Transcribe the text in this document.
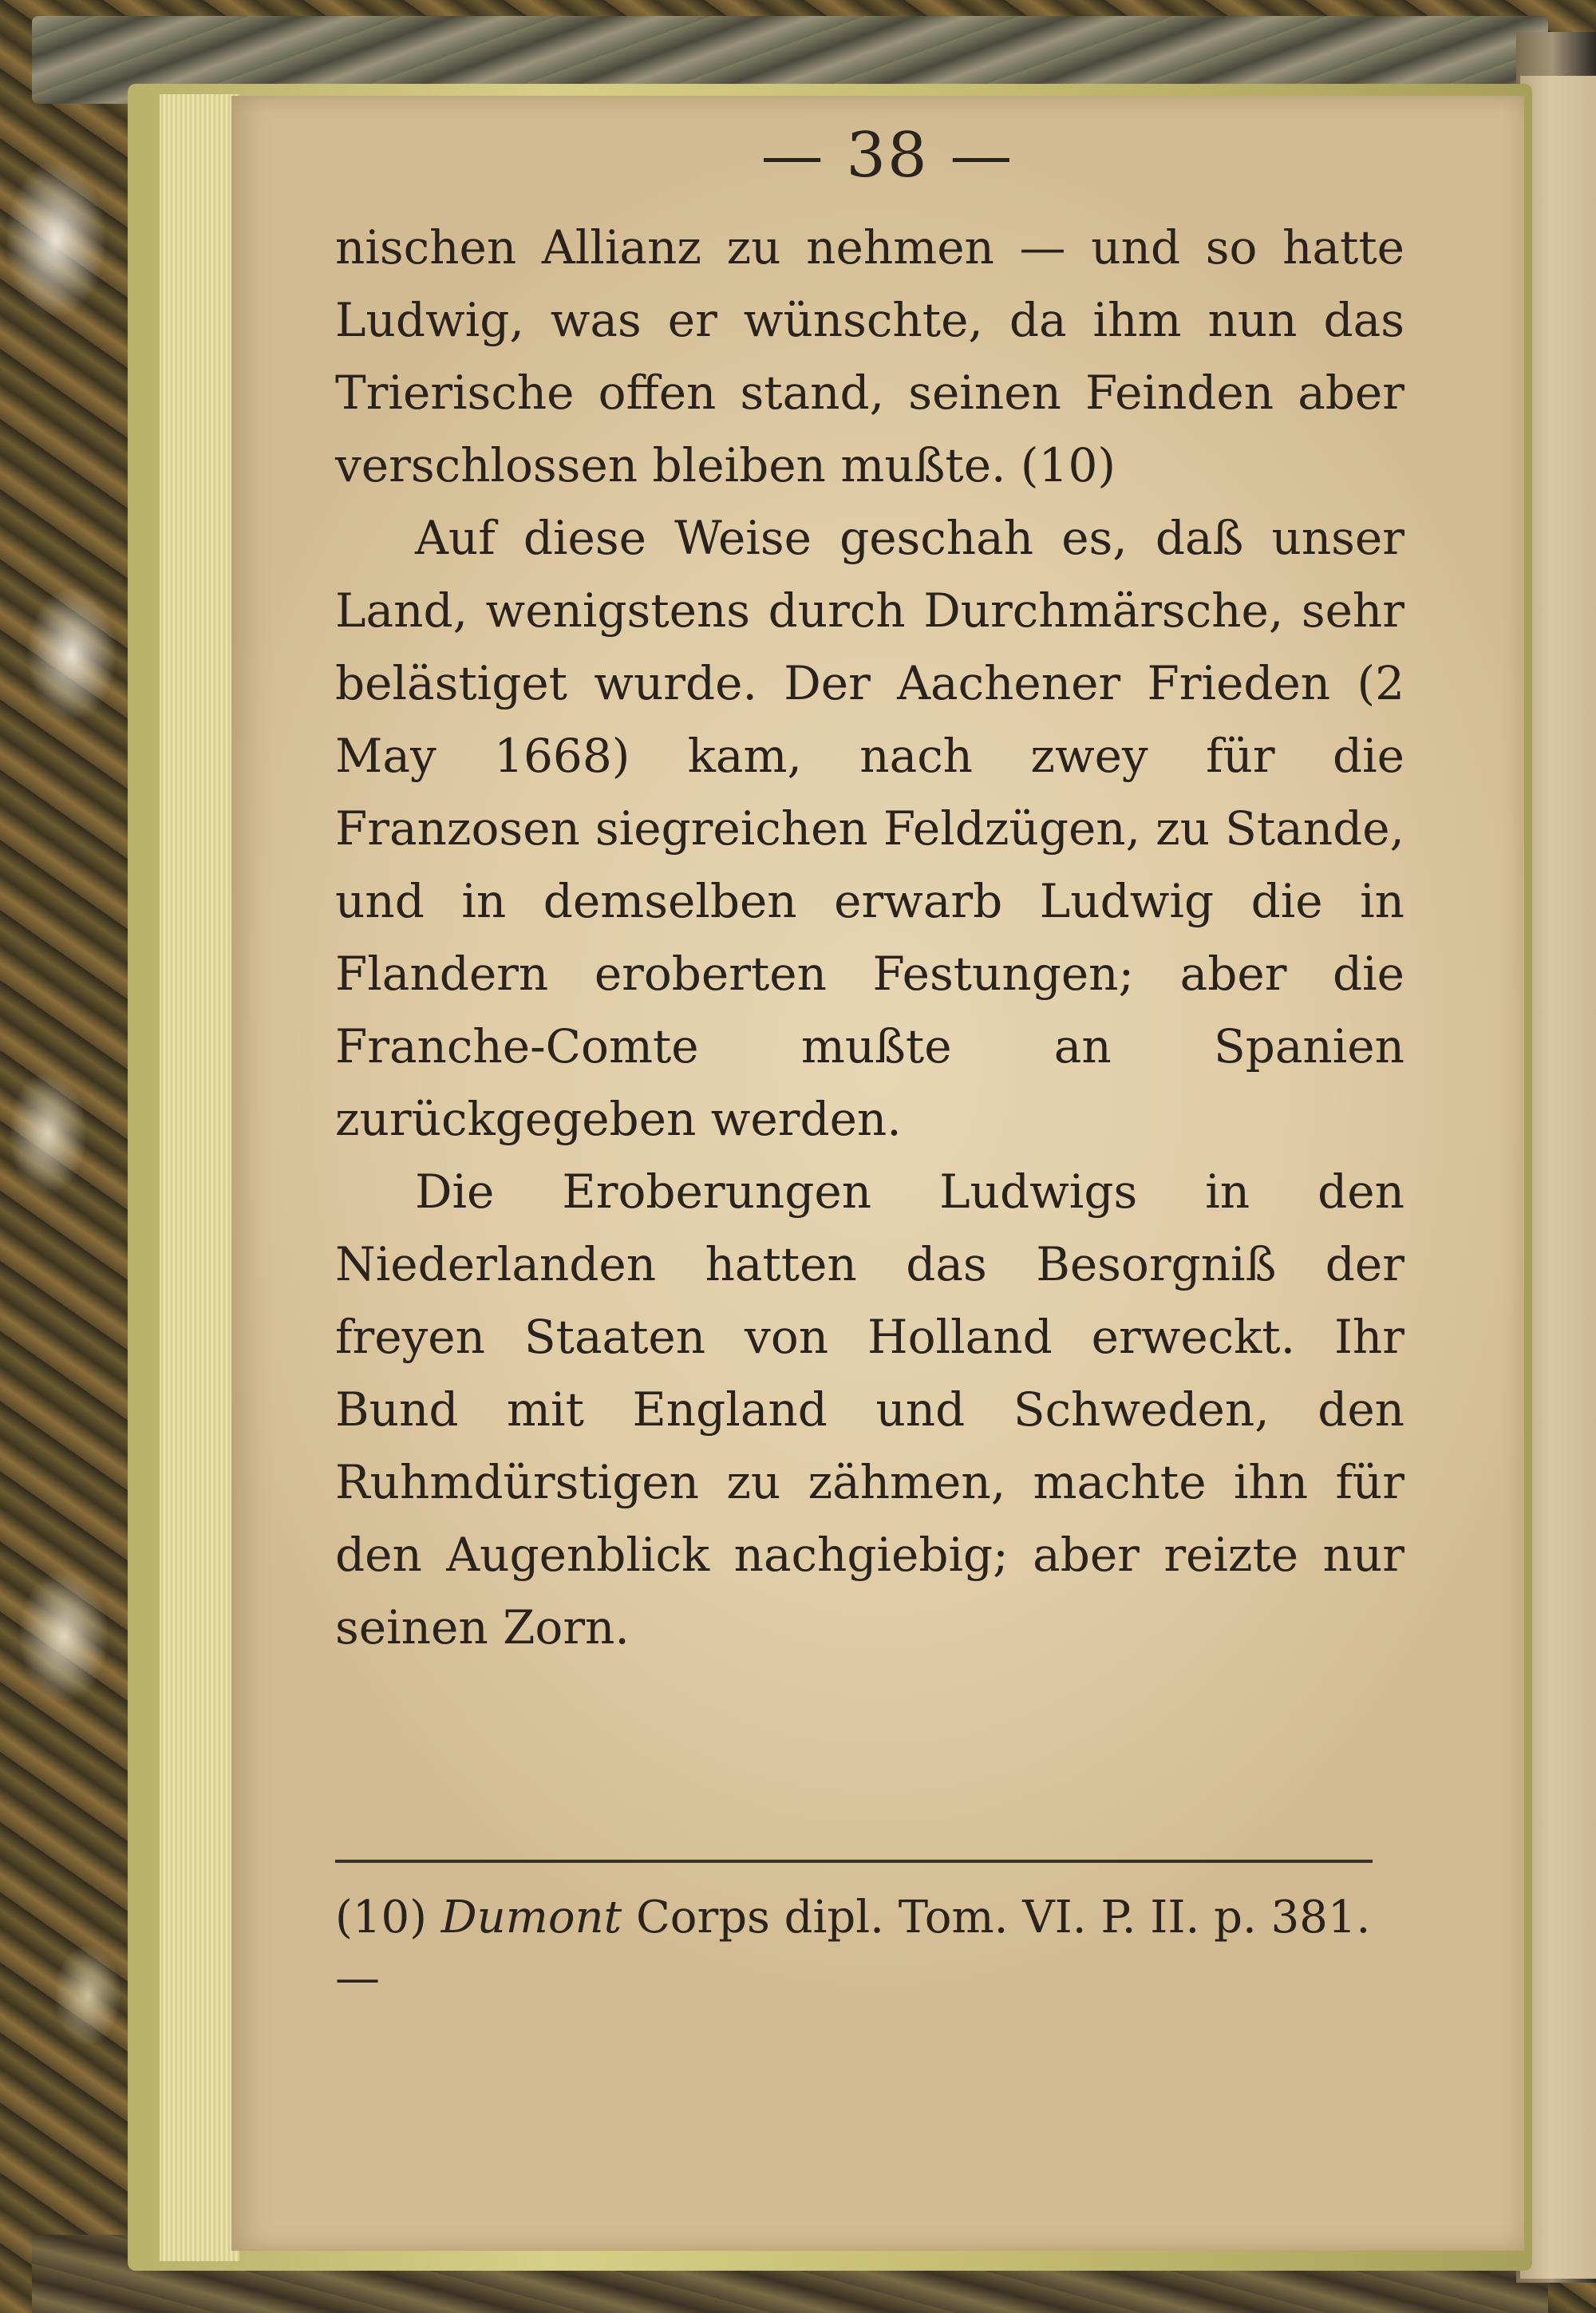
— 38 —

nischen Allianz zu nehmen — und so hatte Ludwig, was er wünschte, da ihm nun das Trierische offen stand, seinen Feinden aber verschlossen bleiben mußte. (10)

Auf diese Weise geschah es, daß unser Land, wenigstens durch Durchmärsche, sehr belästiget wurde. Der Aachener Frieden (2 May 1668) kam, nach zwey für die Franzosen siegreichen Feldzügen, zu Stande, und in demselben erwarb Ludwig die in Flandern eroberten Festungen; aber die Franche-Comte mußte an Spanien zurückgegeben werden.

Die Eroberungen Ludwigs in den Niederlanden hatten das Besorgniß der freyen Staaten von Holland erweckt. Ihr Bund mit England und Schweden, den Ruhmdürstigen zu zähmen, machte ihn für den Augenblick nachgiebig; aber reizte nur seinen Zorn.

(10) Dumont Corps dipl. Tom. VI. P. II. p. 381. —
